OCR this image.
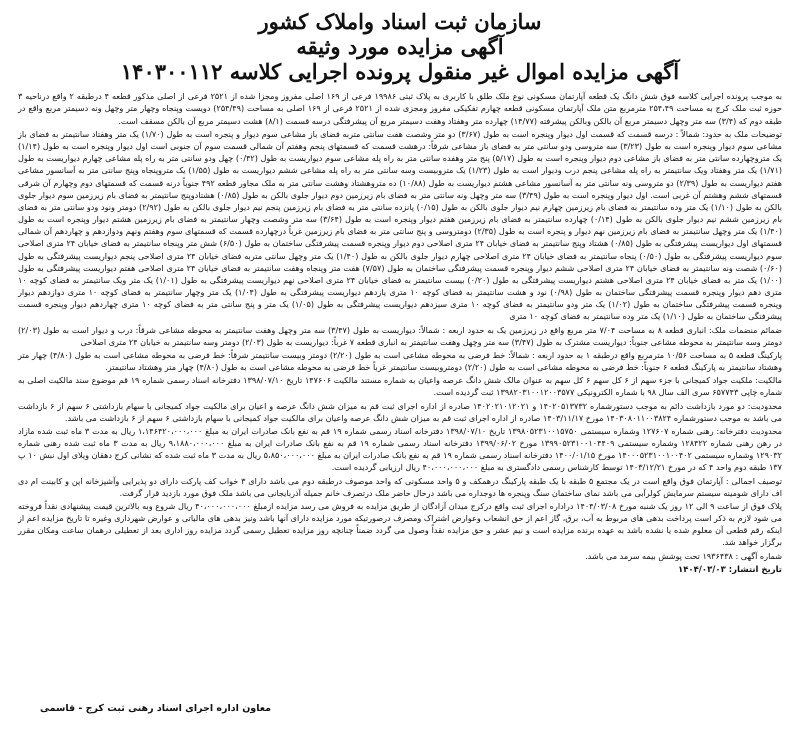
سازمان ثبت اسناد واملاک کشور
آگهی مزایده مورد وثیقه
آگهی مزایده اموال غیر منقول پرونده اجرایی کلاسه ۱۴۰۳۰۰۱۱۲

به موجب پرونده اجرایی کلاسه فوق شش دانگ یک قطعه آپارتمان مسکونی نوع ملک طلق با کاربری به پلاک ثبتی ۱۹۹۸۶ فرعی از ۱۶۹ اصلی مفروز ومجزا شده از ۲۵۲۱ فرعی از اصلی مذکور قطعه ۴ درطبقه ۲ واقع درناحیه ۳ حوزه ثبت ملک کرج به مساحت ۲۵۴،۴۹ مترمربع متن ملک آپارتمان مسکونی قطعه چهارم تفکیکی مفروز ومجزی شده از ۲۵۲۱ فرعی از ۱۶۹ اصلی به مساحت (۲۵۴/۴۹) دویست وپنجاه وچهار متر وچهل ونه دسیمتر مربع واقع در طبقه دوم که (۳/۴) سه متر وچهل دسیمتر مربع آن بالکن وبالکن پیشرفته (۱۴/۷۷) چهارده متر وهفتاد وهفت دسیمتر مربع آن پیشرفتگی درسه قسمت (۸/۱) هشت دسیمتر مربع آن بالکن مسقف است.

توضیحات ملک به حدود: شمالاً : درسه قسمت که قسمت اول دیوار وپنجره است به طول (۳/۶۷) دو متر وشصت هفت سانتی متربه فضای باز مشاعی سوم دیوار و پنجره است به طول (۱/۷۰) یک متر وهفتاد سانتیمتر به فضای باز مشاعی سوم دیوار وپنجره است به طول (۳/۲۳) سه متروسی ودو سانتی متر به فضای باز مشاعی شرقاً: درهشت قسمت که قسمتهای پنجم وهفتم آن شمالی قسمت سوم آن جنوبی است اول دیوار وپنجره است به طول (۱/۱۴) یک متروچهارده سانتی متر به فضای باز مشاعی دوم دیوار وپنجره است به طول (۵/۱۷) پنج متر وهفده سانتی متر به راه پله مشاعی سوم دیواریست به طول (۰/۴۲) چهل ودو سانتی متر به راه پله مشاعی چهارم دیواریست به طول (۱/۷۱) یک متر وهفتاد ویک سانتیمتر به راه پله مشاعی پنجم درب ودیوار است به طول (۱/۲۳) یک متروبیست وسه سانتی متر به راه پله مشاعی ششم دیواریست به طول (۱/۵۵) یک متروپنجاه وپنج سانتی متر به آسانسور مشاعی هفتم دیواریست به طول (۲/۳۹) دو متروسی ونه سانتی متر به آسانسور مشاعی هشتم دیواریست به طول (۱۰/۸۸) ده متروهشتاد وهشت سانتی متر به ملک مجاور قطعه ۴۹۲ جنوباً درنه قسمت که قسمتهای دوم وچهارم آن شرقی قسمتهای ششم وهشتم آن غربی است. اول دیوار وپنجره است به طول (۳/۴۹) سه متر وچهل ونه سانتی متر به فضای بام زیرزمین دوم دیوار جلوی بالکن به طول (۰/۸۵) هشتادوپنج سانتیمتر به فضای بام زیرزمین سوم دیوار جلوی بالکن به طول (۱/۱۰) یک متر وده سانتیمتر به فضای بام زیرزمین چهارم نیم دیوار جلوی بالکن به طول (۰/۱۵) پانزده سانتی متر به فضای بام زیرزمین پنجم نیم دیوار جلوی بالکن به طول (۲/۹۲) دومتر ونود ودو سانتی متر به فضای بام زیرزمین ششم نیم دیوار جلوی بالکن به طول (۰/۱۴) چهارده سانتیمتر به فضای بام زیرزمین هفتم دیوار وپنجره است به طول (۳/۶۴) سه متر وشصت وچهار سانتیمتر به فضای بام زیرزمین هشتم دیوار وپنجره است به طول (۱/۴۰) یک متر وچهل سانتیمتر به فضای بام زیرزمین نهم دیوار و پنجره است به طول (۲/۳۵) دومتروسی و پنج سانتی متر به فضای بام زیرزمین غرباً درچهارده قسمت که قسمتهای سوم وهفتم ونهم ودوازدهم و چهاردهم آن شمالی قسمتهای اول دیواریست پیشرفتگی به طول (۰/۸۵) هشتاد وپنج سانتیمتر به فضای خیابان ۲۴ متری اصلاحی دوم دیوار وپنجره قسمت پیشرفتگی ساختمان به طول (۶/۵۰) شش متر وپنجاه سانتیمتر به فضای خیابان ۲۴ متری اصلاحی سوم دیواریست پیشرفتگی به طول (۰/۵۰) پنجاه سانتیمتر به فضای خیابان ۲۴ متری اصلاحی چهارم دیوار جلوی بالکن به طول (۱/۴۰) یک متر وچهل سانتی متربه فضای خیابان ۲۴ متری اصلاحی پنجم دیواریست پیشرفتگی به طول (۰/۶۰) شصت ونه سانتیمتر به فضای خیابان ۲۴ متری اصلاحی ششم دیوار وپنجره قسمت پیشرفتگی ساختمان به طول (۷/۵۷) هفت متر وپنجاه وهفت سانتیمتر به فضای خیابان ۲۴ متری اصلاحی هفتم دیواریست پیشرفتگی به طول (۱/۰۰) یک متر به فضای خیابان ۲۴ متری اصلاحی هشتم دیواریست پیشرفتگی به طول (۰/۲۰) بیست سانتیمتر به فضای خیابان ۲۴ متری اصلاحی نهم دیواریست پیشرفتگی به طول (۱/۰۱) یک متر ویک سانتیمتر به فضای کوچه ۱۰ متری دهم دیوار وپنجره قسمت پیشرفتگی ساختمان به طول (۰/۹۸) نود و هشت سانتیمتر به فضای کوچه ۱۰ متری یازدهم دیواریست پیشرفتگی به طول (۱/۰۴) یک متر وچهار سانتیمتر به فضای کوچه ۱۰ متری دوازدهم دیوار وپنجره قسمت پیشرفتگی ساختمان به طول (۱/۰۲) یک متر ودو سانتیمتر به فضای کوچه ۱۰ متری سیزدهم دیواریست پیشرفتگی به طول (۱/۰۵) یک متر و پنج سانتی متر به فضای کوچه ۱۰ متری چهاردهم دیوار وپنجره قسمت پیشرفتگی ساختمان به طول (۱/۱۰) یک متر وده سانتیمتر به فضای کوچه ۱۰ متری

ضمائم منضمات ملک: انباری قطعه ۸ به مساحت ۷/۰۴ متر مربع واقع در زیرزمین یک به حدود اربعه : شمالاً: دیواریست به طول (۳/۴۷) سه متر وچهل وهفت سانتیمتر به محوطه مشاعی شرقاً: درب و دیوار است به طول (۲/۰۳) دومتر وسه سانتیمتر به محوطه مشاعی جنوباً: دیواریست مشترک به طول (۳/۴۷) سه متر وچهل وهفت سانتیمتر به انباری قطعه ۷ غرباً: دیواریست به طول (۲/۰۳) دومتر وسه سانتیمتر به خیابان ۲۴ متری اصلاحی

پارکینگ قطعه ۵ به مساحت ۱۰/۵۶ مترمربع واقع درطبقه ۱ به حدود اربعه : شمالاً: خط فرضی به محوطه مشاعی است به طول (۲/۲۰) دومتر وبیست سانتیمتر شرقاً: خط فرضی به محوطه مشاعی است به طول (۴/۸۰) چهار متر وهشتاد سانتیمتر به پارکینگ قطعه ۶ جنوباً: خط فرضی به محوطه مشاعی است به طول (۲/۲۰) دومتروبیست سانتیمتر غرباً خط فرضی به محوطه مشاعی است به طول (۴/۸۰) چهار متر وهشتاد سانتیمتر.

مالکیت: ملکیت جواد کمیجانی با جزء سهم از ۶ کل سهم ۶ کل سهم به عنوان مالک شش دانگ عرصه واعیان به شماره مستند مالکیت ۱۴۷۶۰۶ تاریخ ۱۳۹۸/۰۷/۱۰ دفترخانه اسناد رسمی شماره ۱۹ قم موضوع سند مالکیت اصلی به شماره چاپی ۶۵۷۷۴۳ سری الف سال ۹۸ با شماره الکترونیکی ۱۳۹۸۲۰۳۱۰۰۱۲۰۰۳۵۷۷ ثبت گردیده است.

محدودیت: دو مورد بازداشت دائم به موجب دستورشماره ۱۴۰۲۰۵۱۳۷۳۲ و ۱۴۰۲۰۲۱۰۱۲۰۲۱ صادره از اداره اجرای ثبت قم به میزان شش دانگ عرصه و اعیان برای مالکیت جواد کمیجانی با سهام بازداشتی ۶ سهم از ۶ بازداشت می باشد به موجب دستورشماره ۱۴۰۳۰۸۰۱۱۰۰۳۸۲۴ مورخ ۱۴۰۳/۱۱/۱۷ صادره از اداره اجرای ثبت قم به میزان شش دانگ عرصه واعیان برای مالکیت جواد کمیجانی با سهام بازداشتی ۶ سهم از ۶ بازداشت می باشد.

محدودیت دفترخانه: رهنی شماره ۱۲۷۶۰۷ وشماره سیستمی ۱۳۹۸۰۵۲۳۱۰۰۱۵۷۵۰ تاریخ ۱۳۹۸/۰۷/۱۰ دفترخانه اسناد رسمی شماره ۱۹ قم به نفع بانک صادرات ایران به مبلغ ۱،۱۴۶۴۲۰،۰۰۰،۰۰۰ ریال به مدت ۳ ماه ثبت شده مازاد در رهن رهنی شماره ۱۲۸۴۲۲ وشماره سیستمی ۱۳۹۹۰۵۲۳۱۰۰۱۰۴۴۰۹ مورخ ۱۳۹۹/۰۶/۰۲ دفترخانه اسناد رسمی شماره ۱۹ قم به نفع بانک صادرات ایران به مبلغ ۹،۱۸۸۰،۰۰۰،۰۰۰ ریال به مدت ۳ ماه ثبت شده رهنی شماره ۱۲۹۰۳۲ وشماره سیستمی ۱۴۰۰۰۵۲۳۱۰۰۱۰۰۴۰۲ مورخ ۱۴۰۰/۰۱/۱۵ دفترخانه اسناد رسمی شماره ۱۹ قم به نفع بانک صادرات ایران به مبلغ ۵،۸۵۰،۰۰۰،۰۰۰ ریال به مدت ۳ ماه ثبت شده که نشانی کرج دهقان ویلای اول نبش ۱۰ پ ۱۳۷ طبقه دوم واحد ۴ که در مورخ ۱۴۰۳/۱۲/۲۱ توسط کارشناس رسمی دادگستری به مبلغ ۴۰،۰۰۰،۰۰۰،۰۰۰ ریال ارزیابی گردیده است.

توصیف اجمالی : آپارتمان فوق واقع است در یک مجتمع ۵ طبقه با یک طبقه پارکینگ درهمکف و ۵ واحد مسکونی که واحد موصوف درطبقه دوم می باشد دارای ۳ خواب کف پارکت دارای دو پذیرایی وآشپزخانه اپن و کابینت ام دی اف دارای شومینه سیستم سرمایش کولرآبی می باشد نمای ساختمان سنگ وپنجره ها دوجداره می باشد درحال حاضر ملک درتصرف خانم جمیله آذربایجانی می باشد ملک فوق مورد بازدید قرار گرفت.

پلاک فوق از ساعت ۹ الی ۱۲ روز یک شنبه مورخ ۱۴۰۴/۰۳/۰۸ دراداره اجرای ثبت واقع درکرج میدان آزادگان از طریق مزایده به فروش می رسد مزایده ازمبلغ ۴۰،۰۰۰،۰۰۰،۰۰۰ ریال شروع وبه بالاترین قیمت پیشنهادی نقداً فروخته می شود لازم به ذکر است پرداخت بدهی های مربوط به آب، برق، گاز اعم از حق انشعاب وعوارض اشتراک ومصرف درصورتیکه مورد مزایده دارای آنها باشد ونیز بدهی های مالیاتی و عوارض شهرداری وغیره تا تاریخ مزایده اعم از اینکه رقم قطعی آن معلوم شده یا نشده باشد به عهده برنده مزایده است و نیم عشر و حق مزایده نقداً وصول می گردد ضمناً چنانچه روز مزایده تعطیل رسمی گردد مزایده روز اداری بعد از تعطیلی درهمان ساعت ومکان مقرر برگزار خواهد شد.

شماره آگهی : ۱۹۳۶۴۳۸ تحت پوشش بیمه سرمد می باشد.

تاریخ انتشار: ۱۴۰۴/۰۳/۰۳
معاون اداره اجرای اسناد رهنی ثبت کرج - قاسمی
